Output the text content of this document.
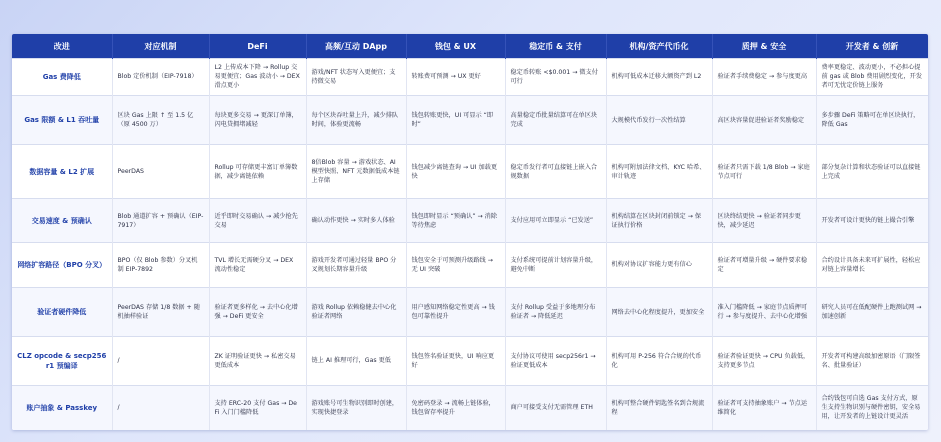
改进	对应机制	DeFi	高频/互动 DApp	钱包 & UX	稳定币 & 支付	机构/资产代币化	质押 & 安全	开发者 & 创新
Gas 费降低	Blob 定价机制（EIP-7918）	L2 上传成本下降 → Rollup 交易更便宜；Gas 波动小 → DEX 滑点更小	游戏/NFT 状态写入更便宜；支持微交易	转账费可预测 → UX 更好	稳定币转账 <$0.001 → 微支付可行	机构可低成本迁移大额资产到 L2	验证者手续费稳定 → 参与度更高	费率更稳定、波动更小，不必担心提前 gas 或 Blob 费用剧烈变化，开发者可无忧定价链上服务
Gas 限额 & L1 吞吐量	区块 Gas 上限 ↑ 至 1.5 亿（原 4500 万）	每块更多交易 → 更深订单簿，闪电贷拥堵减轻	每个区块吞吐量上升，减少排队时间，体验更流畅	钱包转账更快，UI 可显示 “即时”	高量稳定币批量结算可在单区块完成	大规模代币发行一次性结算	高区块容量促进验证者奖励稳定	多步骤 DeFi 策略可在单区块执行，降低 Gas
数据容量 & L2 扩展	PeerDAS	Rollup 可存储更丰富订单簿数据，减少离链依赖	8倍Blob 容量 → 游戏状态、AI 模型快照、NFT 元数据低成本链上存储	钱包减少离链查询 → UI 加载更快	稳定币发行者可直接链上嵌入合规数据	机构可附加法律文档、KYC 哈希、审计轨迹	验证者只需下载 1/8 Blob → 家庭节点可行	部分复杂计算和状态验证可以直接链上完成
交易速度 & 预确认	Blob 通道扩容 + 预确认（EIP-7917）	近乎即时交易确认 → 减少抢先交易	确认动作更快 → 实时多人体验	钱包即时显示 “预确认” → 消除等待焦虑	支付应用可立即显示 “已发送”	机构结算在区块封闭前锁定 → 保证执行价格	区块终结更快 → 验证者同步更快，减少延迟	开发者可设计更快的链上撮合引擎
网络扩容路径（BPO 分叉）	BPO（仅 Blob 参数）分叉机制 EIP-7892	TVL 增长无需硬分叉 → DEX 流动性稳定	游戏开发者可通过轻量 BPO 分叉规划长期容量升级	钱包安全于可预测升级路线 → 无 UI 突破	支付系统可提前计划容量升级，避免中断	机构对协议扩容能力更有信心	验证者可增量升级 → 硬件要求稳定	合约设计具备未来可扩展性，轻松应对链上容量增长
验证者硬件降低	PeerDAS 存储 1/8 数据 + 随机抽样验证	验证者更多样化 → 去中心化增强 → DeFi 更安全	游戏 Rollup 依赖稳健去中心化验证者网络	用户感知网络稳定性更高 → 钱包可靠性提升	支付 Rollup 受益于多地理分布验证者 → 降低延迟	网络去中心化程度提升，更加安全	准入门槛降低 → 家庭节点质押可行 → 参与度提升、去中心化增强	研究人员可在低配硬件上跑测试网 → 加速创新
CLZ opcode & secp256r1 预编译	/	ZK 证明验证更快 → 私密交易更低成本	链上 AI 推理可行，Gas 更低	钱包签名验证更快，UI 响应更好	支付协议可使用 secp256r1 → 验证更低成本	机构可用 P-256 符合合规的代币化	验证者验证更快 → CPU 负载低，支持更多节点	开发者可构建高级加密原语（门限签名、批量验证）
账户抽象 & Passkey	/	支持 ERC-20 支付 Gas → DeFi 入门门槛降低	游戏账号可生物识别即时创建，实现快捷登录	免密码登录 → 流畅上链体验，钱包留存率提升	商户可接受支付无需管理 ETH	机构可整合硬件钥匙签名到合规流程	验证者可支持抽象账户 → 节点运维简化	合约钱包可自选 Gas 支付方式，原生支持生物识别与硬件密钥，安全易用，让开发者的上链设计更灵活
